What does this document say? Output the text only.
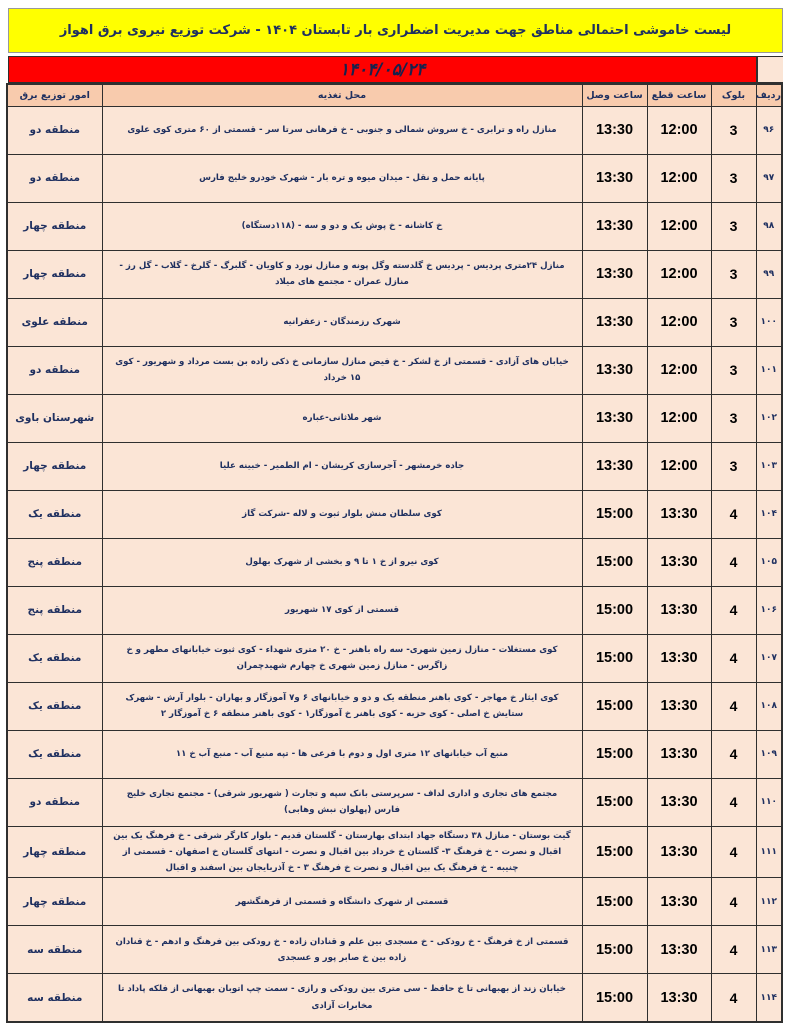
لیست خاموشی احتمالی مناطق جهت مدیریت اضطراری بار تابستان ۱۴۰۴ - شرکت توزیع نیروی برق اهواز
۱۴۰۴/۰۵/۲۴
ردیف	بلوک	ساعت قطع	ساعت وصل	محل تغذیه	امور توزیع برق
۹۶	3	12:00	13:30	منازل راه و ترابری - خ سروش شمالی و جنوبی - خ فرهانی سرتا سر - قسمتی از ۶۰ متری کوی علوی	منطقه دو
۹۷	3	12:00	13:30	پایانه حمل و نقل - میدان میوه و تره بار - شهرک خودرو خلیج فارس	منطقه دو
۹۸	3	12:00	13:30	خ کاشانه - خ پوش یک و دو و سه - (۱۱۸دستگاه)	منطقه چهار
۹۹	3	12:00	13:30	منازل ۲۴متری پردیس - پردیس خ گلدسته وگل پونه و منازل نورد و کاویان - گلبرگ - گلرخ - گلاب - گل رز - منازل عمران - مجتمع های میلاد	منطقه چهار
۱۰۰	3	12:00	13:30	شهرک رزمندگان - زعفرانیه	منطقه علوی
۱۰۱	3	12:00	13:30	خیابان های آزادی - قسمتی از خ لشکر - خ فیض منازل سازمانی خ ذکی زاده بن بست مرداد و شهریور - کوی ۱۵ خرداد	منطقه دو
۱۰۲	3	12:00	13:30	شهر ملاثانی-عباره	شهرستان باوی
۱۰۳	3	12:00	13:30	جاده خرمشهر - آجرسازی کریشان - ام الطمیر - خبینه علیا	منطقه چهار
۱۰۴	4	13:30	15:00	کوی سلطان منش بلوار ثبوت و لاله -شرکت گاز	منطقه یک
۱۰۵	4	13:30	15:00	کوی نیرو از خ ۱ تا ۹ و بخشی از شهرک بهلول	منطقه پنج
۱۰۶	4	13:30	15:00	قسمتی از کوی ۱۷ شهریور	منطقه پنج
۱۰۷	4	13:30	15:00	کوی مستغلات - منازل زمین شهری- سه راه باهنر - خ ۲۰ متری شهداء - کوی ثبوت خیابانهای مطهر و خ زاگرس - منازل زمین شهری خ چهارم شهیدچمران	منطقه یک
۱۰۸	4	13:30	15:00	کوی ایثار خ مهاجر - کوی باهنر منطقه یک و دو و خیابانهای ۶ و۷ آموزگار و بهاران - بلوار آرش - شهرک ستایش خ اصلی - کوی حزبه - کوی باهنر خ آموزگار۱ - کوی باهنر منطقه ۶ خ آموزگار ۲	منطقه یک
۱۰۹	4	13:30	15:00	منبع آب خیابانهای ۱۲ متری اول و دوم با فرعی ها - تپه منبع آب - منبع آب خ ۱۱	منطقه یک
۱۱۰	4	13:30	15:00	مجتمع های تجاری و اداری لداف - سرپرستی بانک سپه و تجارت ( شهریور شرقی) - مجتمع تجاری خلیج فارس (پهلوان نبش وهابی)	منطقه دو
۱۱۱	4	13:30	15:00	گیت بوستان - منازل ۳۸ دستگاه جهاد ابتدای بهارستان - گلستان قدیم - بلوار کارگر شرقی - خ فرهنگ یک بین اقبال و نصرت - خ فرهنگ ۳- گلستان خ خرداد بین اقبال و نصرت - انتهای گلستان خ اصفهان - قسمتی از چنیبه - خ فرهنگ یک بین اقبال و نصرت خ فرهنگ ۳ - خ آذربایجان بین اسفند و اقبال	منطقه چهار
۱۱۲	4	13:30	15:00	قسمتی از شهرک دانشگاه و قسمتی از فرهنگشهر	منطقه چهار
۱۱۳	4	13:30	15:00	قسمتی از خ فرهنگ - خ رودکی - خ مسجدی بین علم و قنادان زاده - خ رودکی بین فرهنگ و ادهم - خ قنادان زاده بین خ صابر پور و عسجدی	منطقه سه
۱۱۴	4	13:30	15:00	خیابان زند از بهبهانی تا خ حافظ - سی متری بین رودکی و رازی - سمت چپ اتوبان بهبهانی از فلکه پاداد تا مخابرات آزادی	منطقه سه
